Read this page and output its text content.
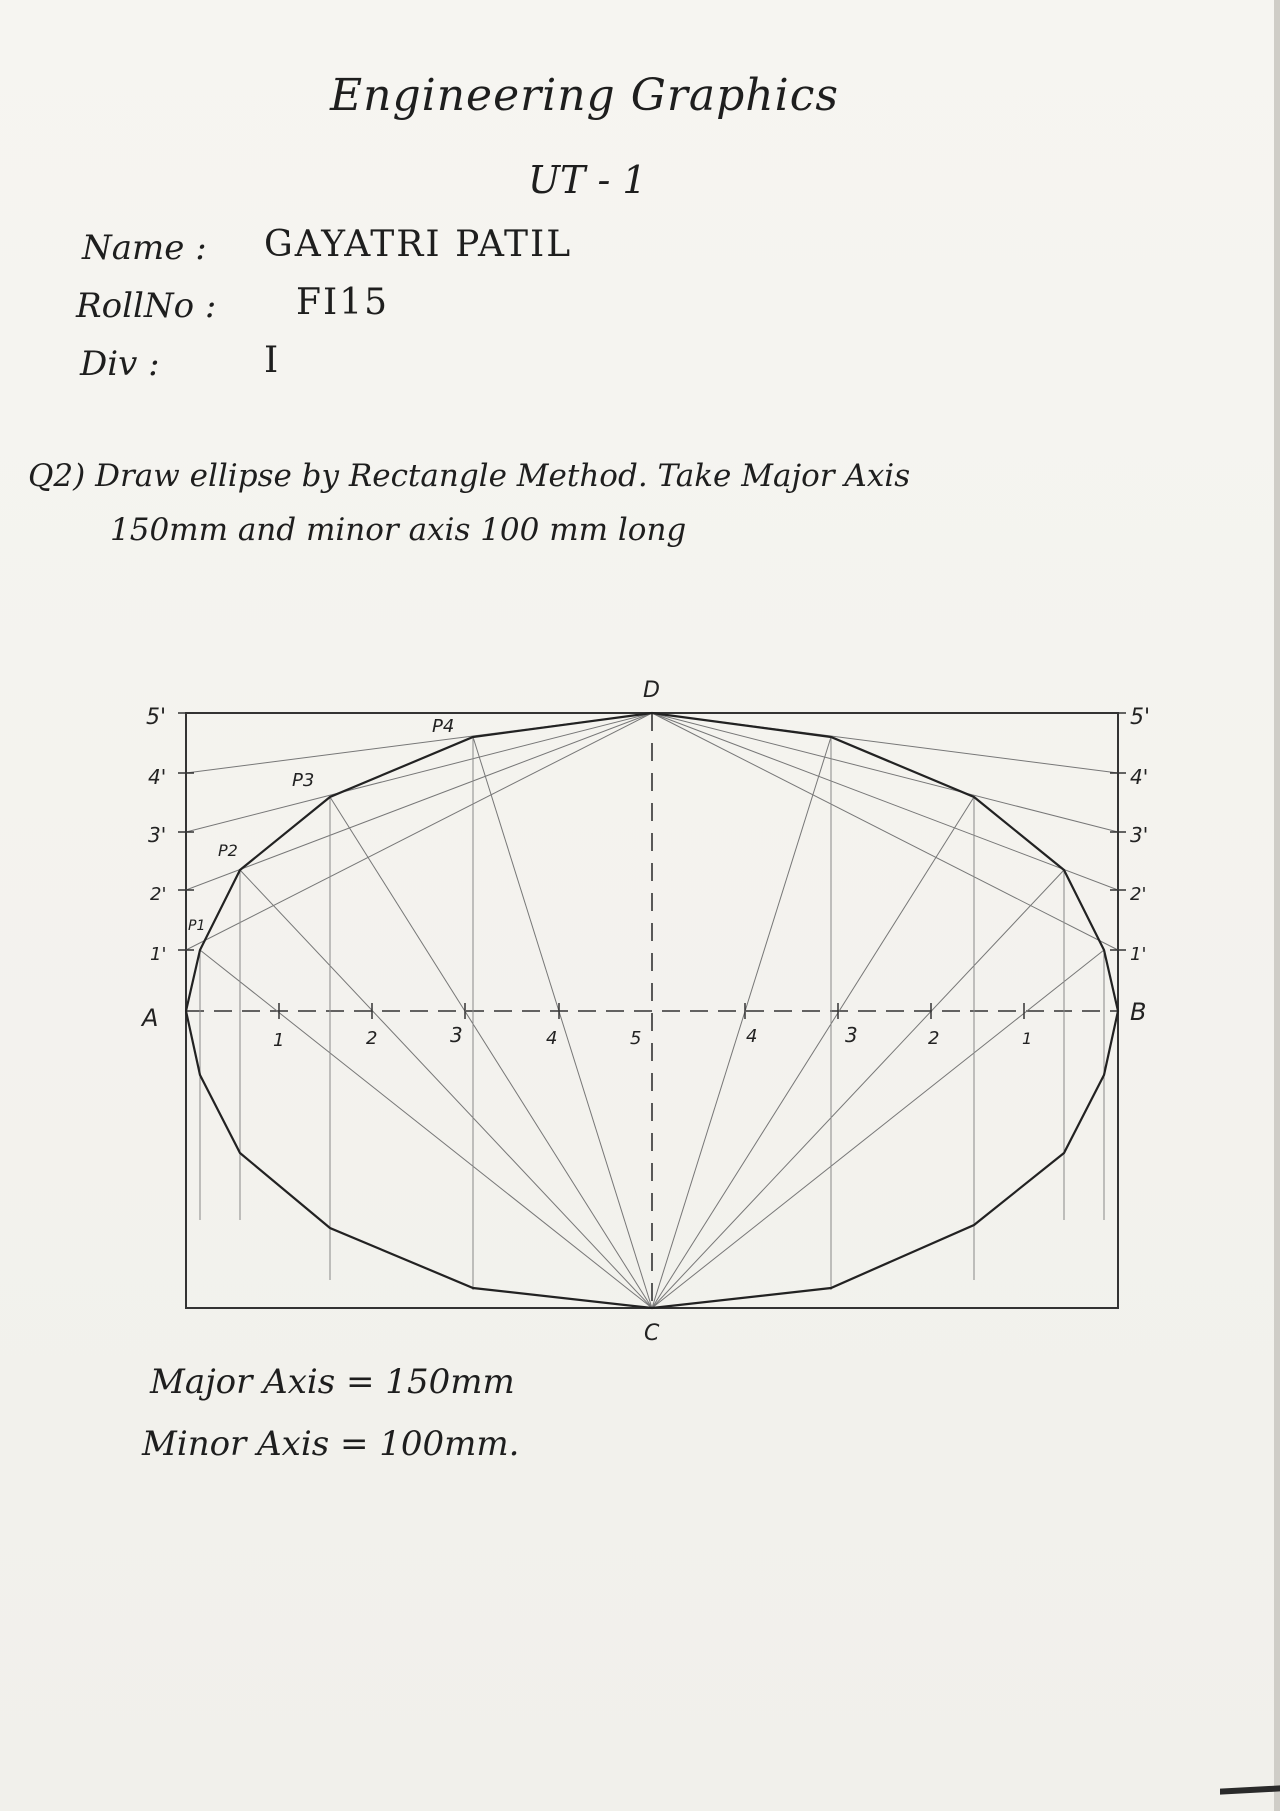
Engineering Graphics
UT - 1
Name : GAYATRI PATIL
RollNo : FI15
Div :	I
Q2) Draw ellipse by Rectangle Method. Take Major Axis
150mm and minor axis 100 mm long
A	B
C
D
P1
P2
P3
P4
1'
2'
3'
4'
5'
1'
2'
3'
4'
5'
1	2	3	4	5	4	3	2	1
Major Axis = 150mm
Minor Axis = 100mm.
